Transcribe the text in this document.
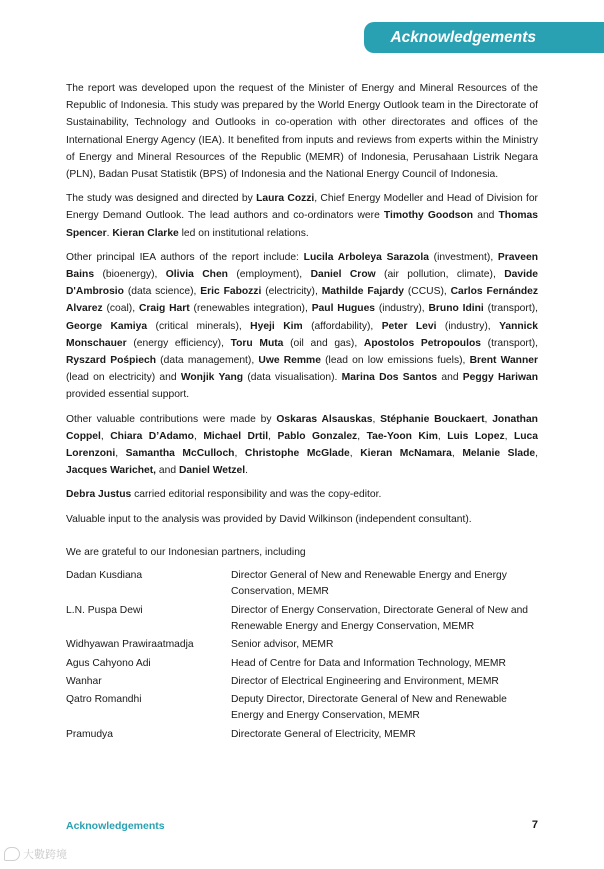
Acknowledgements

The report was developed upon the request of the Minister of Energy and Mineral Resources of the Republic of Indonesia. This study was prepared by the World Energy Outlook team in the Directorate of Sustainability, Technology and Outlooks in co-operation with other directorates and offices of the International Energy Agency (IEA). It benefited from inputs and reviews from experts within the Ministry of Energy and Mineral Resources of the Republic (MEMR) of Indonesia, Perusahaan Listrik Negara (PLN), Badan Pusat Statistik (BPS) of Indonesia and the National Energy Council of Indonesia.

The study was designed and directed by Laura Cozzi, Chief Energy Modeller and Head of Division for Energy Demand Outlook. The lead authors and co-ordinators were Timothy Goodson and Thomas Spencer. Kieran Clarke led on institutional relations.

Other principal IEA authors of the report include: Lucila Arboleya Sarazola (investment), Praveen Bains (bioenergy), Olivia Chen (employment), Daniel Crow (air pollution, climate), Davide D'Ambrosio (data science), Eric Fabozzi (electricity), Mathilde Fajardy (CCUS), Carlos Fernández Alvarez (coal), Craig Hart (renewables integration), Paul Hugues (industry), Bruno Idini (transport), George Kamiya (critical minerals), Hyeji Kim (affordability), Peter Levi (industry), Yannick Monschauer (energy efficiency), Toru Muta (oil and gas), Apostolos Petropoulos (transport), Ryszard Pośpiech (data management), Uwe Remme (lead on low emissions fuels), Brent Wanner (lead on electricity) and Wonjik Yang (data visualisation). Marina Dos Santos and Peggy Hariwan provided essential support.

Other valuable contributions were made by Oskaras Alsauskas, Stéphanie Bouckaert, Jonathan Coppel, Chiara D’Adamo, Michael Drtil, Pablo Gonzalez, Tae-Yoon Kim, Luis Lopez, Luca Lorenzoni, Samantha McCulloch, Christophe McGlade, Kieran McNamara, Melanie Slade, Jacques Warichet, and Daniel Wetzel.

Debra Justus carried editorial responsibility and was the copy-editor.

Valuable input to the analysis was provided by David Wilkinson (independent consultant).

We are grateful to our Indonesian partners, including

Dadan Kusdiana	Director General of New and Renewable Energy and Energy Conservation, MEMR
L.N. Puspa Dewi	Director of Energy Conservation, Directorate General of New and Renewable Energy and Energy Conservation, MEMR
Widhyawan Prawiraatmadja	Senior advisor, MEMR
Agus Cahyono Adi	Head of Centre for Data and Information Technology, MEMR
Wanhar	Director of Electrical Engineering and Environment, MEMR
Qatro Romandhi	Deputy Director, Directorate General of New and Renewable Energy and Energy Conservation, MEMR
Pramudya	Directorate General of Electricity, MEMR
Acknowledgements	7
大數跨境
